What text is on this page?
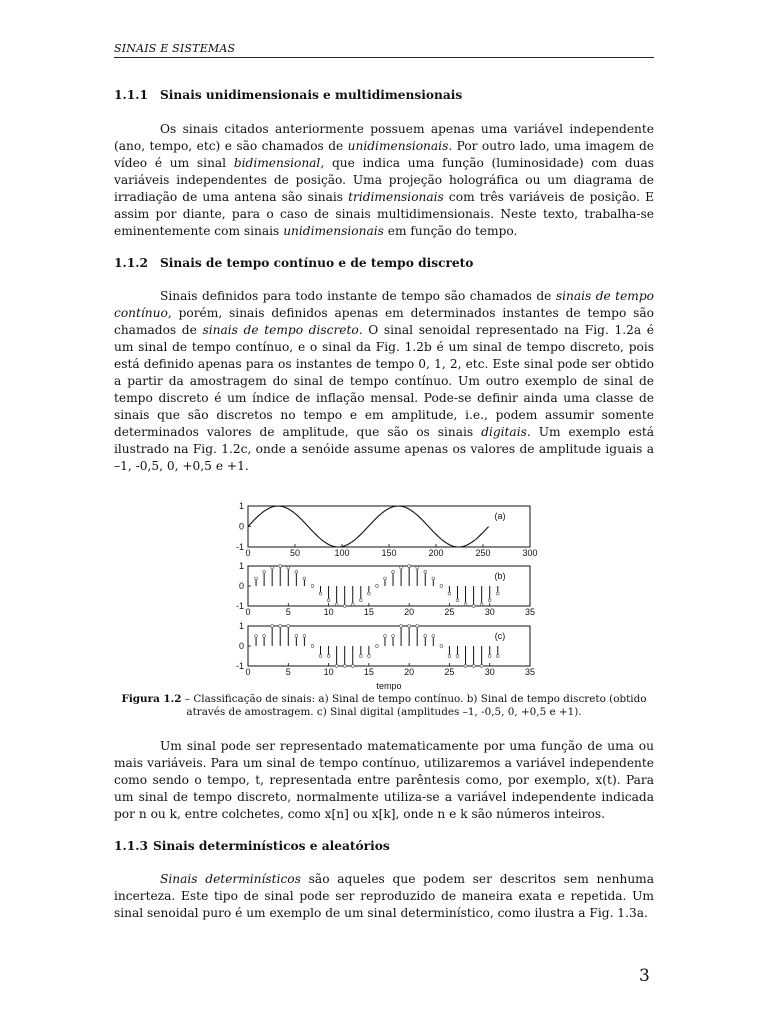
SINAIS E SISTEMAS
1.1.1 Sinais unidimensionais e multidimensionais

Os sinais citados anteriormente possuem apenas uma variável independente (ano, tempo, etc) e são chamados de unidimensionais. Por outro lado, uma imagem de vídeo é um sinal bidimensional, que indica uma função (luminosidade) com duas variáveis independentes de posição. Uma projeção holográfica ou um diagrama de irradiação de uma antena são sinais tridimensionais com três variáveis de posição. E assim por diante, para o caso de sinais multidimensionais. Neste texto, trabalha-se eminentemente com sinais unidimensionais em função do tempo.

1.1.2 Sinais de tempo contínuo e de tempo discreto

Sinais definidos para todo instante de tempo são chamados de sinais de tempo contínuo, porém, sinais definidos apenas em determinados instantes de tempo são chamados de sinais de tempo discreto. O sinal senoidal representado na Fig. 1.2a é um sinal de tempo contínuo, e o sinal da Fig. 1.2b é um sinal de tempo discreto, pois está definido apenas para os instantes de tempo 0, 1, 2, etc. Este sinal pode ser obtido a partir da amostragem do sinal de tempo contínuo. Um outro exemplo de sinal de tempo discreto é um índice de inflação mensal. Pode-se definir ainda uma classe de sinais que são discretos no tempo e em amplitude, i.e., podem assumir somente determinados valores de amplitude, que são os sinais digitais. Um exemplo está ilustrado na Fig. 1.2c, onde a senóide assume apenas os valores de amplitude iguais a –1, -0,5, 0, +0,5 e +1.

1
0
-1
0	50	100	150	200	250	300
(a)
1
0
-1
0	5	10	15	20	25	30	35
(b)
1
0
-1
0	5	10	15	20	25	30	35
(c)
tempo

Figura 1.2 – Classificação de sinais: a) Sinal de tempo contínuo. b) Sinal de tempo discreto (obtido através de amostragem. c) Sinal digital (amplitudes –1, -0,5, 0, +0,5 e +1).

Um sinal pode ser representado matematicamente por uma função de uma ou mais variáveis. Para um sinal de tempo contínuo, utilizaremos a variável independente como sendo o tempo, t, representada entre parêntesis como, por exemplo, x(t). Para um sinal de tempo discreto, normalmente utiliza-se a variável independente indicada por n ou k, entre colchetes, como x[n] ou x[k], onde n e k são números inteiros.

1.1.3 Sinais determinísticos e aleatórios

Sinais determinísticos são aqueles que podem ser descritos sem nenhuma incerteza. Este tipo de sinal pode ser reproduzido de maneira exata e repetida. Um sinal senoidal puro é um exemplo de um sinal determinístico, como ilustra a Fig. 1.3a.

3
